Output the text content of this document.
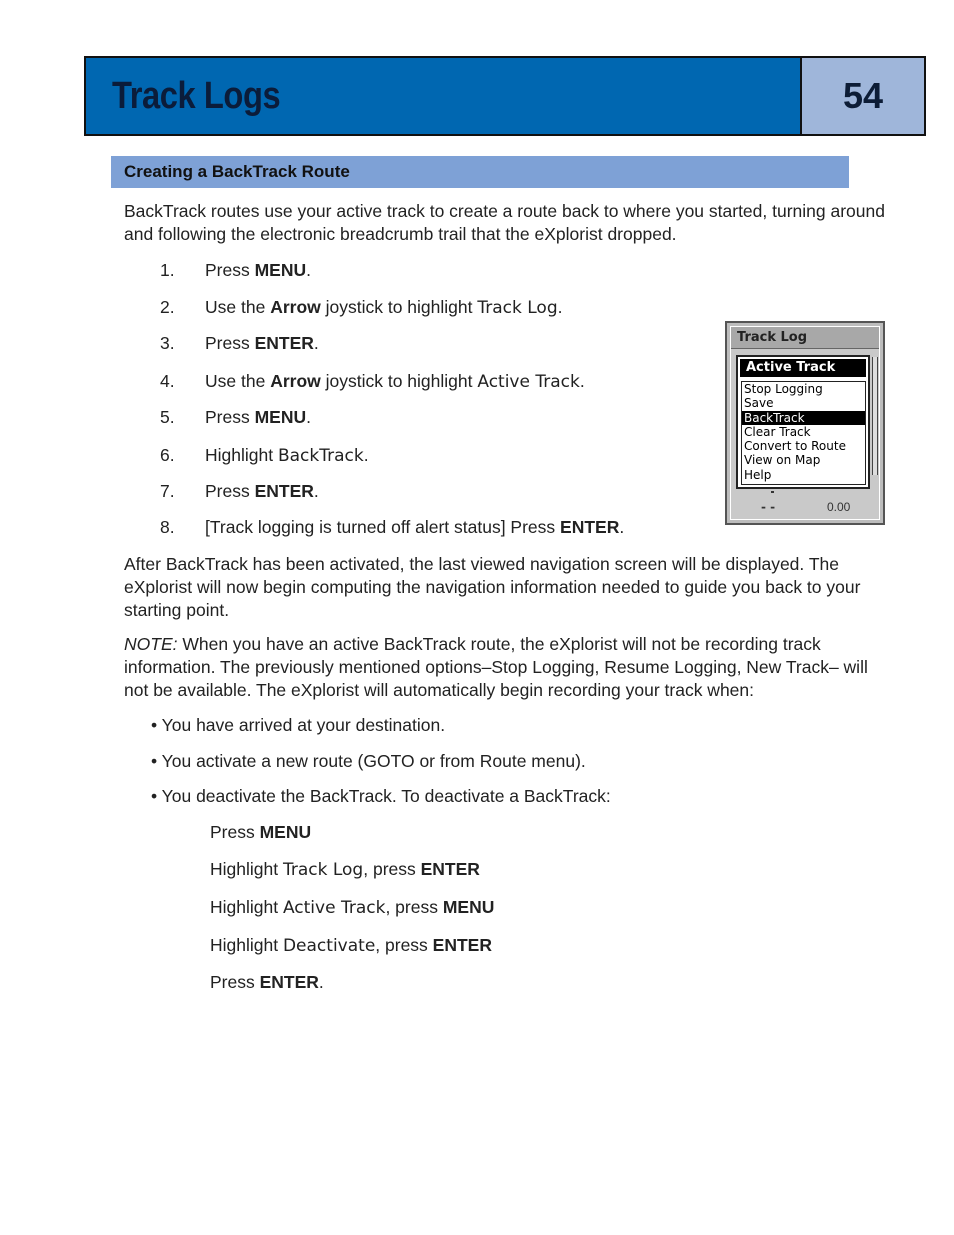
Track Logs	54
Creating a BackTrack Route

BackTrack routes use your active track to create a route back to where you started, turning around and following the electronic breadcrumb trail that the eXplorist dropped.

1. Press MENU.
2. Use the Arrow joystick to highlight Track Log.
3. Press ENTER.
4. Use the Arrow joystick to highlight Active Track.
5. Press MENU.
6. Highlight BackTrack.
7. Press ENTER.
8. [Track logging is turned off alert status] Press ENTER.
Track Log
Active Track
Stop Logging
Save
BackTrack
Clear Track
Convert to Route
View on Map
Help
- -	0.00

After BackTrack has been activated, the last viewed navigation screen will be displayed. The eXplorist will now begin computing the navigation information needed to guide you back to your starting point.

NOTE: When you have an active BackTrack route, the eXplorist will not be recording track information. The previously mentioned options–Stop Logging, Resume Logging, New Track– will not be available. The eXplorist will automatically begin recording your track when:

• You have arrived at your destination.
• You activate a new route (GOTO or from Route menu).
• You deactivate the BackTrack. To deactivate a BackTrack:
Press MENU
Highlight Track Log, press ENTER
Highlight Active Track, press MENU
Highlight Deactivate, press ENTER
Press ENTER.
